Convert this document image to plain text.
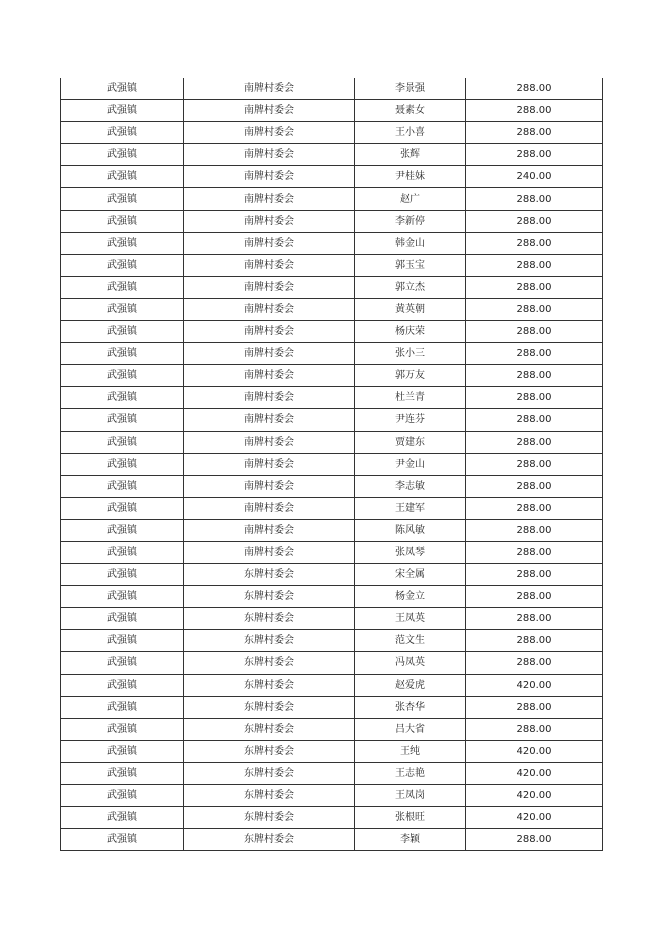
武强镇	南牌村委会	李景强	288.00
武强镇	南牌村委会	聂素女	288.00
武强镇	南牌村委会	王小喜	288.00
武强镇	南牌村委会	张辉	288.00
武强镇	南牌村委会	尹桂妹	240.00
武强镇	南牌村委会	赵广	288.00
武强镇	南牌村委会	李新停	288.00
武强镇	南牌村委会	韩金山	288.00
武强镇	南牌村委会	郭玉宝	288.00
武强镇	南牌村委会	郭立杰	288.00
武强镇	南牌村委会	黄英朝	288.00
武强镇	南牌村委会	杨庆荣	288.00
武强镇	南牌村委会	张小三	288.00
武强镇	南牌村委会	郭万友	288.00
武强镇	南牌村委会	杜兰青	288.00
武强镇	南牌村委会	尹连芬	288.00
武强镇	南牌村委会	贾建东	288.00
武强镇	南牌村委会	尹金山	288.00
武强镇	南牌村委会	李志敏	288.00
武强镇	南牌村委会	王建军	288.00
武强镇	南牌村委会	陈风敏	288.00
武强镇	南牌村委会	张凤琴	288.00
武强镇	东牌村委会	宋全属	288.00
武强镇	东牌村委会	杨金立	288.00
武强镇	东牌村委会	王凤英	288.00
武强镇	东牌村委会	范文生	288.00
武强镇	东牌村委会	冯凤英	288.00
武强镇	东牌村委会	赵爱虎	420.00
武强镇	东牌村委会	张杏华	288.00
武强镇	东牌村委会	吕大省	288.00
武强镇	东牌村委会	王纯	420.00
武强镇	东牌村委会	王志艳	420.00
武强镇	东牌村委会	王凤岗	420.00
武强镇	东牌村委会	张根旺	420.00
武强镇	东牌村委会	李颖	288.00
